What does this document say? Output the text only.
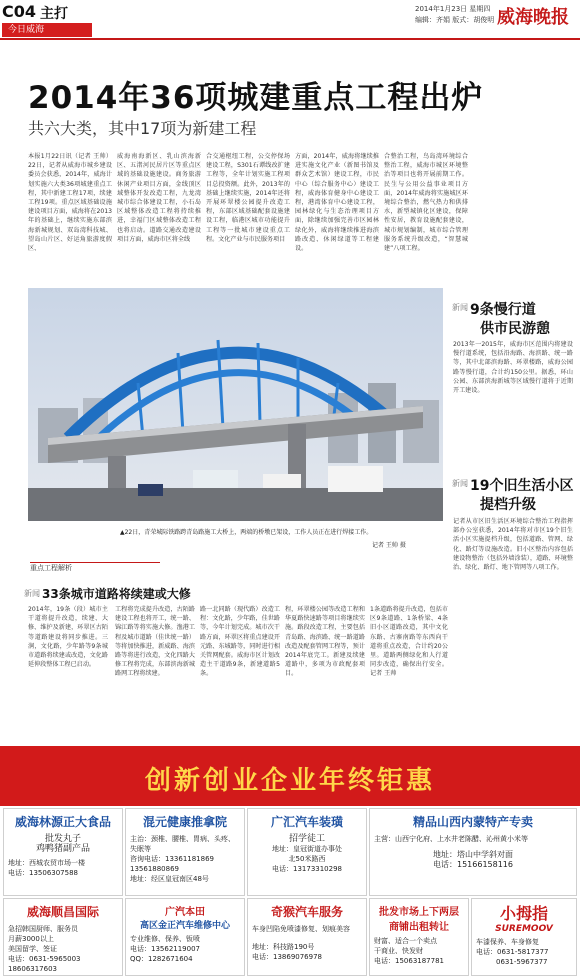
C04 主打
今日威海
2014年1月23日 星期四
编辑：齐娟 版式：胡俊明 威海晚报
2014年36项城建重点工程出炉
共六大类，其中17项为新建工程
本报1月22日讯（记者 王帅）22日，记者从威海市城乡建设委员会获悉，2014年，威海计划实施六大类36项城建重点工程，其中新建工程17项，续建工程19项。重点区域基础设施建设项目方面，威海将在2013年的基础上，继续实施东部滨海新城规划、双岛湾科技城、望岛山片区、好运角旅游度假区、
威海南海新区、乳山滨海新区、五渚河民居片区等重点区域的基础设施建设。商务旅游休闲产业项目方面，金线顶区域整体开发改造工程，九龙湾城市综合体建设工程，小石岛区域整体改造工程将持续推进，幸福门区域整体改造工程也将启动。道路交通改造建设项目方面，威海市区将全线
合交通枢纽工程，公交停保场建设工程，S301石谭线改扩建工程等，全年计划实施工程项目总投资额。此外，2013年的基础上继续实施，2014年还将开展环翠楼公园提升改造工程，东部区域基础配套设施建设工程，临港区城市功能提升工程等一批城市建设重点工程。文化产业与市民服务项目
方面，2014年，威海将继续推进实施文化产业（新图书馆及群众艺术馆）建设工程，市民中心（综合服务中心）建设工程，威海体育健身中心建设工程，港湾体育中心建设工程，园林绿化与生态治理项目方面，除继续加强完善市区园林绿化外，威海将继续推进海滨路改造、休闲绿道等工程建设。
合整治工程，鸟岛湾环境综合整治工程，威海市城区环境整治等项目也将开展前期工作。民生与公用公益事业项目方面，2014年威海将实施城区环境综合整治，燃气热力和供排水，新型城镇化区建设，保障性安居，教育设施配套建设，城市规划编制，城市综合管理服务系统升级改造，“智慧城建”八项工程。
▲22日，青荣城际铁路跨青岛路施工大桥上，两端的桥墩已架设，工作人员正在进行焊接工作。
记者 王帅 摄
新闻 9条慢行道
供市民游憩
2013年一2015年，威海市区范围内将建设慢行道系统，包括沿海路、海滨路、统一路等，其中北部滨海路、环翠楼路，威海公园路等慢行道，合计约150公里。据悉，环山公园、东部滨海新城等区域慢行道将于近期开工建设。
新闻 19个旧生活小区
提档升级
记者从市区旧生活区环境综合整治工程指挥部办公室获悉，2014年将对市区19个旧生活小区实施提档升级，包括道路、管网、绿化、路灯等设施改造。旧小区整治内容包括建设物整治（包括外墙涂装），道路、环境整治、绿化、路灯、地下管网等八项工作。
重点工程解析
新闻 33条城市道路将续建或大修
2014年，19条（段）城市主干道将提升改造，续建、大修、维护及新建，环翠区古陌等道路建设将同步推进。三涧，文化路，少年路等9条城市道路将续建或改造，文化路延伸段整体工程已启动。
工程将完成提升改造，古陌路建设工程也将开工，统一路、锦江路等将实施大修。渔港工程及城市道路（佳世统一路）等将加快推进，新威路、海滨路等将进行改造，文化四路大修工程将完成，东部滨海新城路网工程将续建。
路一北同路（现代路）改造工程：文化路，少年路，佳世路等，今年计划完成。城市次干路方面，环翠区将重点建设开元路、东城路等，同时进行相关管网配套。威海市区计划改造主干道路9条，新建道路5条。
程，环翠楼公园等改造工程和华夏路快速路等项目将继续实施。路段改造工程，主要包括青岛路、海滨路、统一路道路改造及配套管网工程等，预计2014年底完工。新建及续建道路中，多项为市政配套项目。
1条道路将提升改造，包括市区9条道路、1条桥梁、4条旧小区道路改造，其中文化东路、古寨南路等东西向干道将重点改造，合计约20公里。道路两侧绿化和人行道同步改造，确保出行安全。记者 王帅
创新创业企业年终钜惠
威海林源正大食品
批发丸子
鸡鸭猪副产品
地址：西城农贸市场一楼
电话：13506307588
混元健康推拿院
主治：颈椎、腰椎、胃病、头疼、失眠等
咨询电话：13361181869
13561880869
地址：经区皇冠南区48号
广汇汽车装璜
招学徒工
地址：皇冠街道办事处
北50米路西
电话：13173310298
精品山西内蒙特产专卖
主营：山西宁化府、上水井老陈醋、沁州黄小米等
地址：塔山中学斜对面
电话：15166158116
威海顺昌国际
急招韩国厨师、服务员
月薪3000以上
美国留学、签证
电话：0631-5965003 18606317603
广汽本田
高区金正汽车维修中心
专业维修、保养、钣喷
电话：13562119007
QQ：1282671604
奇猴汽车服务
车身凹陷免喷漆修复、划痕美容
地址：科技路190号
电话：13869076978
批发市场上下两层
商铺出租转让
财富、适合一个卖点
干商业、快发财
电话：15063187781
小拇指
SUREMOOV
车漆保养、车身修复
电话：0631-5817377
0631-5967377
